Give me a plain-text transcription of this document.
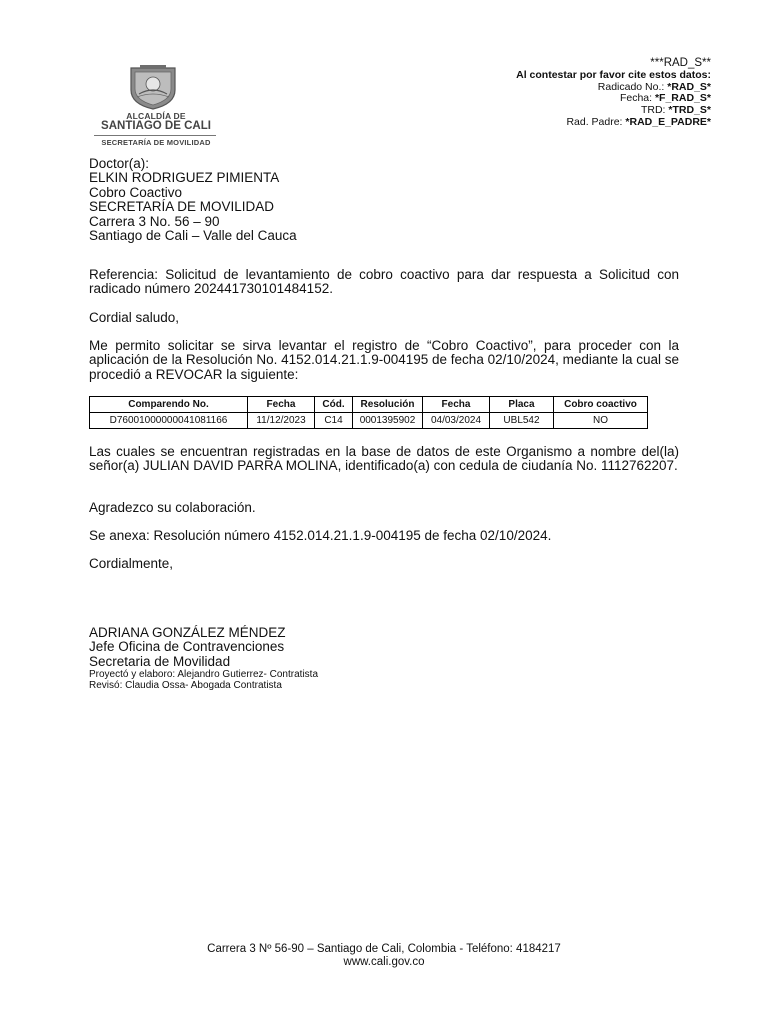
ALCALDÍA DE
SANTIAGO DE CALI
SECRETARÍA DE MOVILIDAD
***RAD_S**
Al contestar por favor cite estos datos:
Radicado No.: *RAD_S*
Fecha: *F_RAD_S*
TRD: *TRD_S*
Rad. Padre: *RAD_E_PADRE*
Doctor(a):
ELKIN RODRIGUEZ PIMIENTA
Cobro Coactivo
SECRETARÍA DE MOVILIDAD
Carrera 3 No. 56 – 90
Santiago de Cali – Valle del Cauca
Referencia: Solicitud de levantamiento de cobro coactivo para dar respuesta a Solicitud con radicado número 202441730101484152.
Cordial saludo,
Me permito solicitar se sirva levantar el registro de “Cobro Coactivo”, para proceder con la aplicación de la Resolución No. 4152.014.21.1.9-004195 de fecha 02/10/2024, mediante la cual se procedió a REVOCAR la siguiente:
Comparendo No.	Fecha	Cód.	Resolución	Fecha	Placa	Cobro coactivo
D76001000000041081166	11/12/2023	C14	0001395902	04/03/2024	UBL542	NO
Las cuales se encuentran registradas en la base de datos de este Organismo a nombre del(la) señor(a) JULIAN DAVID PARRA MOLINA, identificado(a) con cedula de ciudanía No. 1112762207.
Agradezco su colaboración.
Se anexa: Resolución número 4152.014.21.1.9-004195 de fecha 02/10/2024.
Cordialmente,
ADRIANA GONZÁLEZ MÉNDEZ
Jefe Oficina de Contravenciones
Secretaria de Movilidad
Proyectó y elaboro: Alejandro Gutierrez- Contratista
Revisó: Claudia Ossa- Abogada Contratista
Carrera 3 Nº 56-90 – Santiago de Cali, Colombia - Teléfono: 4184217
www.cali.gov.co
